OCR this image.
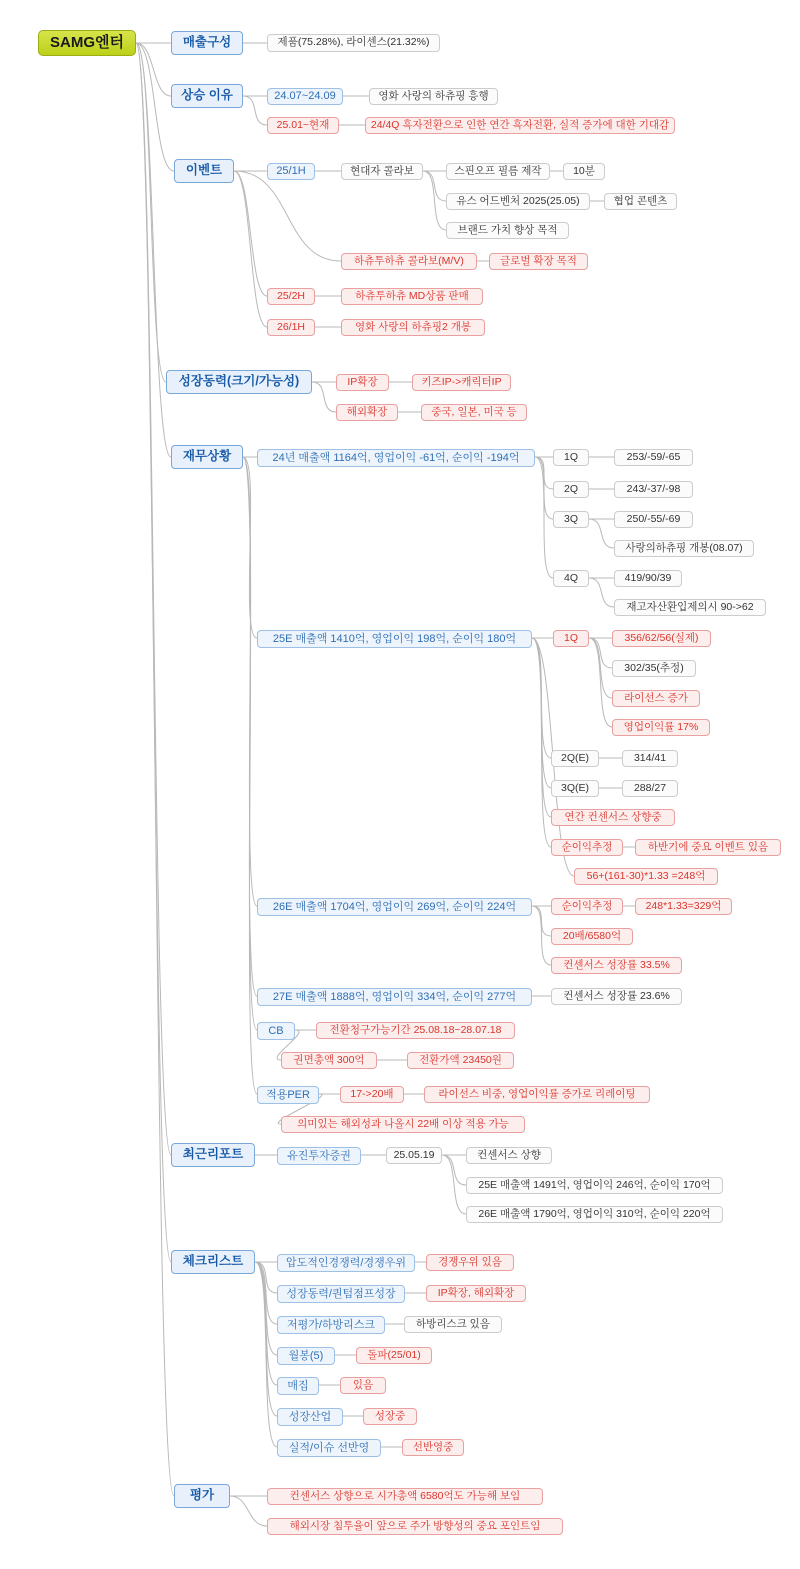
SAMG엔터	매출구성	제품(75.28%), 라이센스(21.32%)
상승 이유	24.07~24.09	영화 사랑의 하츄핑 흥행
25.01~현재	24/4Q 흑자전환으로 인한 연간 흑자전환, 실적 증가에 대한 기대감
이벤트	25/1H	현대자 콜라보	스핀오프 필름 제작	10분
유스 어드벤처 2025(25.05)	협업 콘텐츠
브랜드 가치 향상 목적
하츄투하츄 콜라보(M/V)	글로벌 확장 목적
25/2H	하츄투하츄 MD상품 판매
26/1H	영화 사랑의 하츄핑2 개봉
성장동력(크기/가능성)	IP확장	키즈IP->캐릭터IP
해외확장	중국, 일본, 미국 등
재무상황	24년 매출액 1164억, 영업이익 -61억, 순이익 -194억	1Q	253/-59/-65
2Q	243/-37/-98
3Q	250/-55/-69
사랑의하츄핑 개봉(08.07)
4Q	419/90/39
재고자산환입제의시 90->62
25E 매출액 1410억, 영업이익 198억, 순이익 180억	1Q	356/62/56(실제)
302/35(추정)
라이선스 증가
영업이익률 17%
2Q(E)	314/41
3Q(E)	288/27
연간 컨센서스 상향중
순이익추정	하반기에 중요 이벤트 있음
56+(161-30)*1.33 =248억
26E 매출액 1704억, 영업이익 269억, 순이익 224억	순이익추정	248*1.33=329억
20배/6580억
컨센서스 성장률 33.5%
27E 매출액 1888억, 영업이익 334억, 순이익 277억	컨센서스 성장률 23.6%
CB	전환청구가능기간 25.08.18~28.07.18
권면총액 300억	전환가액 23450원
적용PER	17->20배	라이선스 비중, 영업이익률 증가로 리레이팅
의미있는 해외성과 나올시 22배 이상 적용 가능
최근리포트	유진투자증권	25.05.19	컨센서스 상향
25E 매출액 1491억, 영업이익 246억, 순이익 170억
26E 매출액 1790억, 영업이익 310억, 순이익 220억
체크리스트	압도적인경쟁력/경쟁우위	경쟁우위 있음
성장동력/퀀텀점프성장	IP확장, 해외확장
저평가/하방리스크	하방리스크 있음
월봉(5)	돌파(25/01)
매집	있음
성장산업	성장중
실적/이슈 선반영	선반영중
평가	컨센서스 상향으로 시가총액 6580억도 가능해 보임
해외시장 침투율이 앞으로 주가 방향성의 중요 포인트임
